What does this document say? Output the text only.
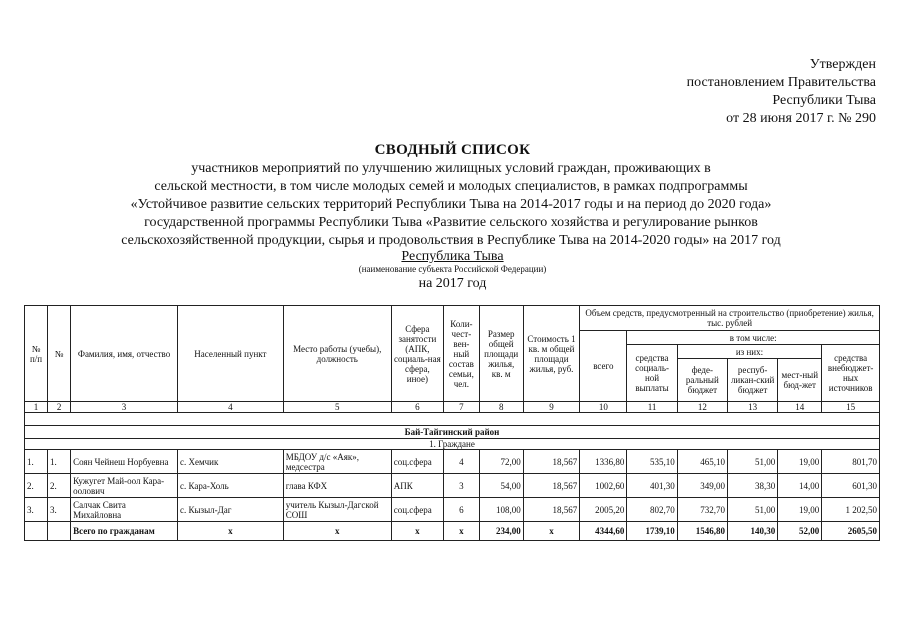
Утвержден
постановлением Правительства
Республики Тыва
от 28 июня 2017 г. № 290
СВОДНЫЙ СПИСОК
участников мероприятий по улучшению жилищных условий граждан, проживающих в
сельской местности, в том числе молодых семей и молодых специалистов, в рамках подпрограммы
«Устойчивое развитие сельских территорий Республики Тыва на 2014-2017 годы и на период до 2020 года»
государственной программы Республики Тыва «Развитие сельского хозяйства и регулирование рынков
сельскохозяйственной продукции, сырья и продовольствия в Республике Тыва на 2014-2020 годы» на 2017 год
Республика Тыва
(наименование субъекта Российской Федерации)
на 2017 год
№ п/п	№	Фамилия, имя, отчество	Населенный пункт	Место работы (учебы), должность	Сфера занятости (АПК, социаль-ная сфера, иное)	Коли-чест-вен-ный состав семьи, чел.	Размер общей площади жилья, кв. м	Стоимость 1 кв. м общей площади жилья, руб.	Объем средств, предусмотренный на строительство (приобретение) жилья, тыс. рублей					
									всего	в том числе:				
										средства социаль-ной выплаты	из них:			средства внебюджет-ных источников
											феде-ральный бюджет	респуб-ликан-ский бюджет	мест-ный бюд-жет	
1	2	3	4	5	6	7	8	9	10	11	12	13	14	15

Бай-Тайгинский район														
1. Граждане														
1.	1.	Соян Чейнеш Норбуевна	с. Хемчик	МБДОУ д/с «Аяк», медсестра	соц.сфера	4	72,00	18,567	1336,80	535,10	465,10	51,00	19,00	801,70
2.	2.	Кужугет Май-оол Кара-оолович	с. Кара-Холь	глава КФХ	АПК	3	54,00	18,567	1002,60	401,30	349,00	38,30	14,00	601,30
3.	3.	Салчак Свита Михайловна	с. Кызыл-Даг	учитель Кызыл-Дагской СОШ	соц.сфера	6	108,00	18,567	2005,20	802,70	732,70	51,00	19,00	1 202,50
		Всего по гражданам	х	х	х	х	234,00	х	4344,60	1739,10	1546,80	140,30	52,00	2605,50
